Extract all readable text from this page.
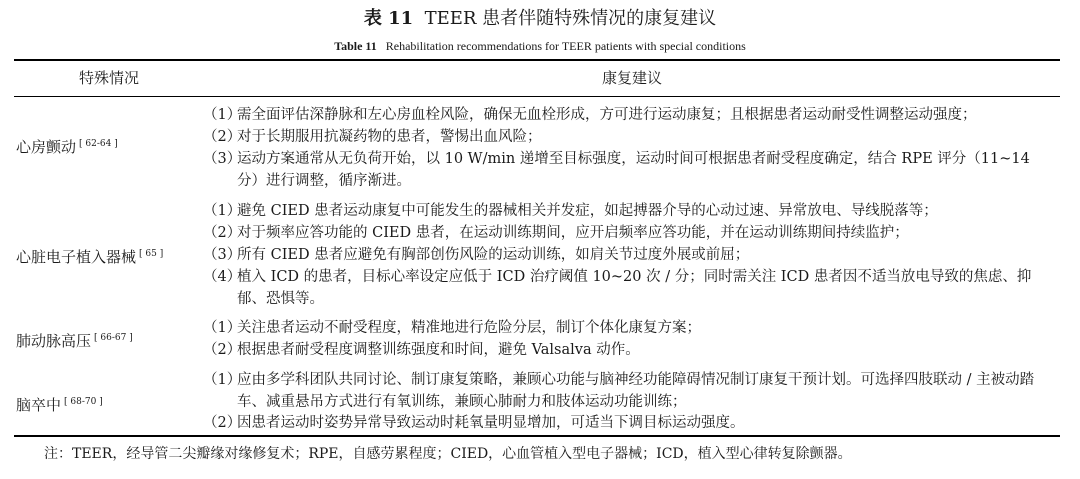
表 11 TEER 患者伴随特殊情况的康复建议
Table 11 Rehabilitation recommendations for TEER patients with special conditions
特殊情况	康复建议
心房颤动 [ 62-64 ]
（1）
需全面评估深静脉和左心房血栓风险，确保无血栓形成，方可进行运动康复；且根据患者运动耐受性调整运动强度；
（2）
对于长期服用抗凝药物的患者，警惕出血风险；
（3）
运动方案通常从无负荷开始，以 10 W/min 递增至目标强度，运动时间可根据患者耐受程度确定，结合 RPE 评分（11~14 分）进行调整，循序渐进。
心脏电子植入器械 [ 65 ]
（1）
避免 CIED 患者运动康复中可能发生的器械相关并发症，如起搏器介导的心动过速、异常放电、导线脱落等；
（2）
对于频率应答功能的 CIED 患者，在运动训练期间，应开启频率应答功能，并在运动训练期间持续监护；
（3）
所有 CIED 患者应避免有胸部创伤风险的运动训练，如肩关节过度外展或前屈；
（4）
植入 ICD 的患者，目标心率设定应低于 ICD 治疗阈值 10~20 次 / 分；同时需关注 ICD 患者因不适当放电导致的焦虑、抑郁、恐惧等。
肺动脉高压 [ 66-67 ]
（1）
关注患者运动不耐受程度，精准地进行危险分层，制订个体化康复方案；
（2）
根据患者耐受程度调整训练强度和时间，避免 Valsalva 动作。
脑卒中 [ 68-70 ]
（1）
应由多学科团队共同讨论、制订康复策略，兼顾心功能与脑神经功能障碍情况制订康复干预计划。可选择四肢联动 / 主被动踏车、减重悬吊方式进行有氧训练，兼顾心肺耐力和肢体运动功能训练；
（2）
因患者运动时姿势异常导致运动时耗氧量明显增加，可适当下调目标运动强度。
注：TEER，经导管二尖瓣缘对缘修复术；RPE，自感劳累程度；CIED，心血管植入型电子器械；ICD，植入型心律转复除颤器。
